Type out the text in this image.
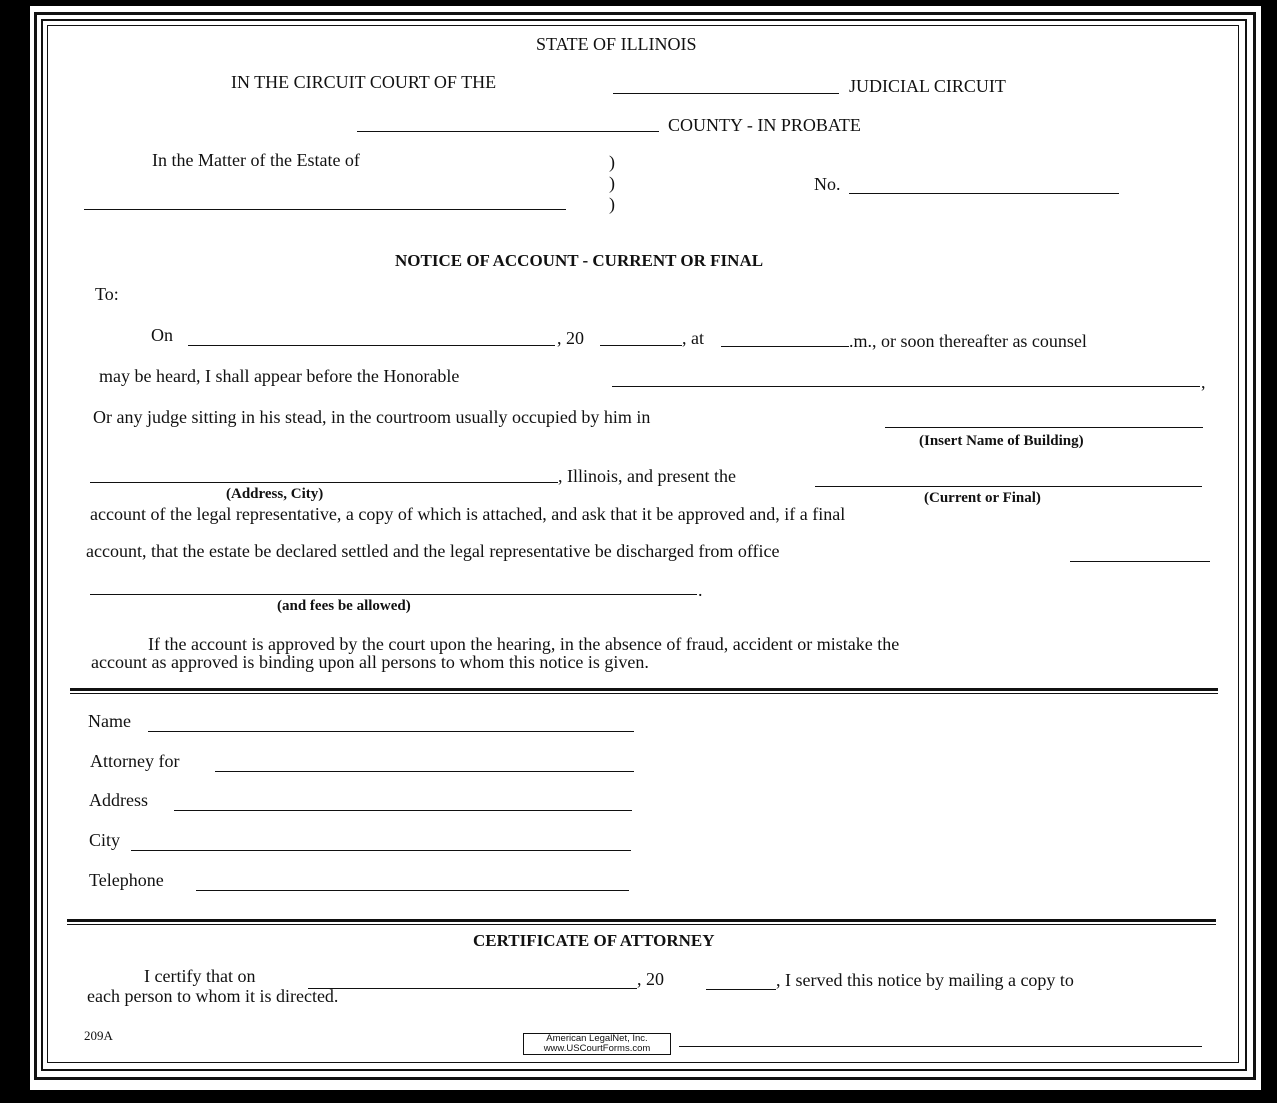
STATE OF ILLINOIS
IN THE CIRCUIT COURT OF THE	JUDICIAL CIRCUIT
COUNTY - IN PROBATE
In the Matter of the Estate of	)
)
)
No.
NOTICE OF ACCOUNT - CURRENT OR FINAL
To:
On	, 20	, at	.m., or soon thereafter as counsel
may be heard, I shall appear before the Honorable	,
Or any judge sitting in his stead, in the courtroom usually occupied by him in
(Insert Name of Building)
, Illinois, and present the
(Address, City)	(Current or Final)
account of the legal representative, a copy of which is attached, and ask that it be approved and, if a final
account, that the estate be declared settled and the legal representative be discharged from office
.
(and fees be allowed)
If the account is approved by the court upon the hearing, in the absence of fraud, accident or mistake the
account as approved is binding upon all persons to whom this notice is given.
Name
Attorney for
Address
City
Telephone
CERTIFICATE OF ATTORNEY
I certify that on	, 20	, I served this notice by mailing a copy to
each person to whom it is directed.
209A	American LegalNet, Inc.
www.USCourtForms.com
